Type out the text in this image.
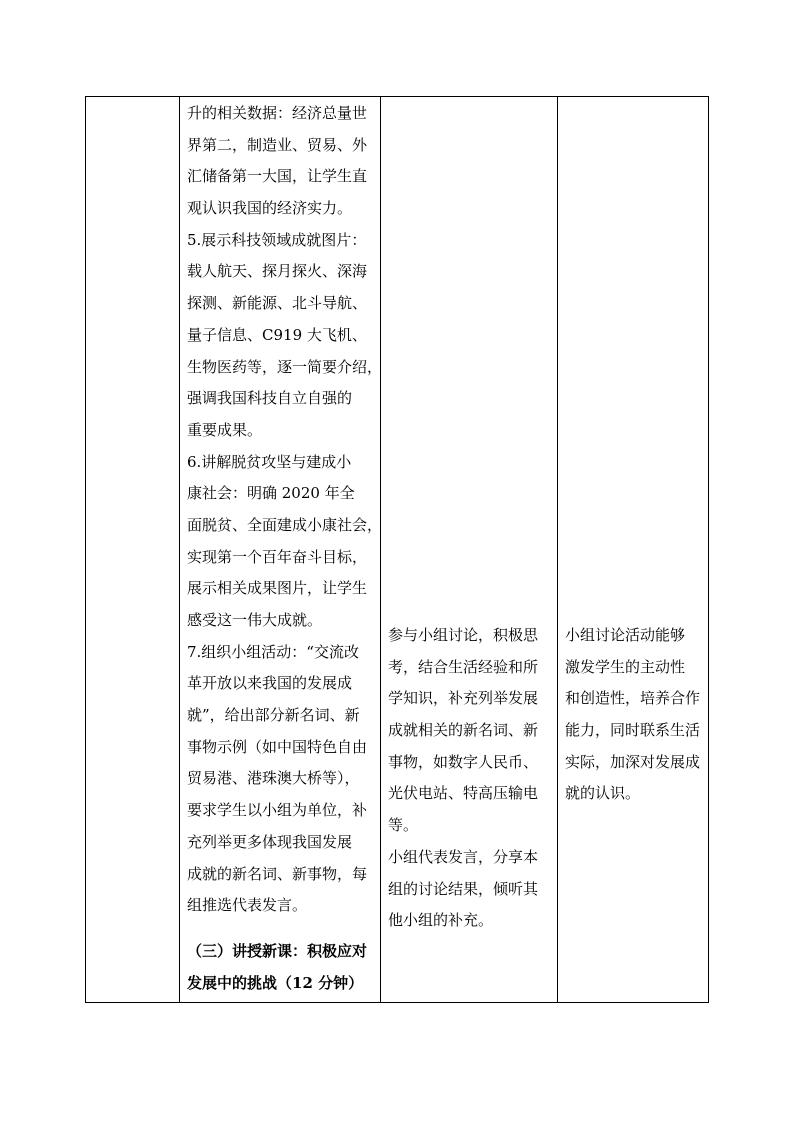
升的相关数据：经济总量世
界第二，制造业、贸易、外
汇储备第一大国，让学生直
观认识我国的经济实力。
5.展示科技领域成就图片：
载人航天、探月探火、深海
探测、新能源、北斗导航、
量子信息、C919 大飞机、
生物医药等，逐一简要介绍，
强调我国科技自立自强的
重要成果。
6.讲解脱贫攻坚与建成小
康社会：明确 2020 年全
面脱贫、全面建成小康社会，
实现第一个百年奋斗目标，
展示相关成果图片，让学生
感受这一伟大成就。
7.组织小组活动：“交流改
革开放以来我国的发展成
就”，给出部分新名词、新
事物示例（如中国特色自由
贸易港、港珠澳大桥等），
要求学生以小组为单位，补
充列举更多体现我国发展
成就的新名词、新事物，每
组推选代表发言。
（三）讲授新课：积极应对
发展中的挑战（12 分钟）

参与小组讨论，积极思
考，结合生活经验和所
学知识，补充列举发展
成就相关的新名词、新
事物，如数字人民币、
光伏电站、特高压输电
等。
小组代表发言，分享本
组的讨论结果，倾听其
他小组的补充。

小组讨论活动能够
激发学生的主动性
和创造性，培养合作
能力，同时联系生活
实际，加深对发展成
就的认识。
